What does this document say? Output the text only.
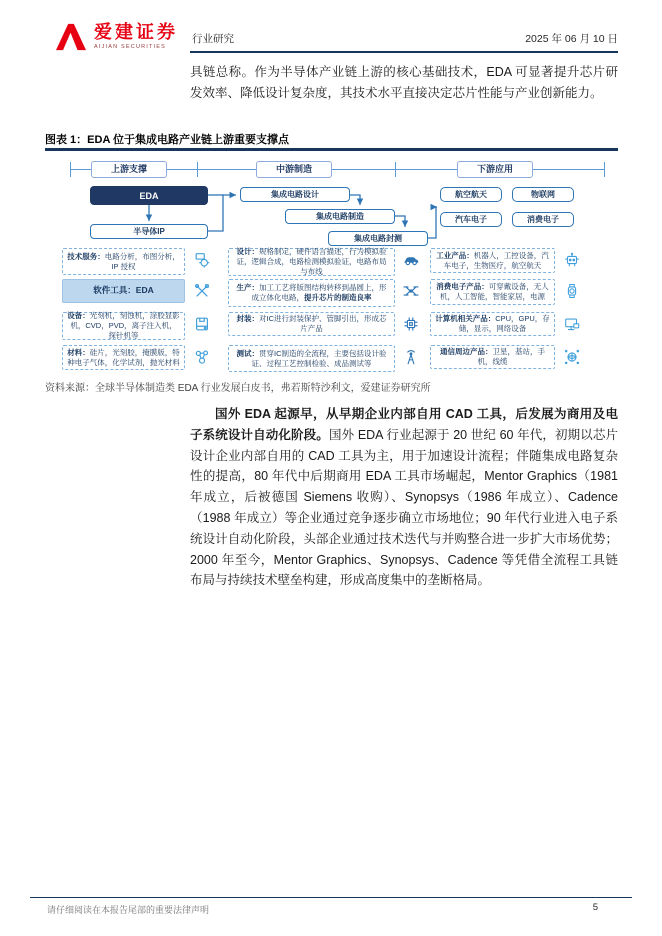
爱建证券
AIJIAN SECURITIES
行业研究	2025 年 06 月 10 日

具链总称。作为半导体产业链上游的核心基础技术，EDA 可显著提升芯片研发效率、降低设计复杂度，其技术水平直接决定芯片性能与产业创新能力。

图表 1：EDA 位于集成电路产业链上游重要支撑点
上游支撑	中游制造	下游应用
EDA
半导体IP
集成电路设计
集成电路制造
集成电路封测
航空航天	物联网
汽车电子	消费电子
技术服务：电路分析，布图分析，IP 授权
软件工具：EDA
设备：光刻机，刻蚀机，涂胶显影机，CVD，PVD，离子注入机，探针机等
材料：硅片，光刻胶，掩膜版，特种电子气体，化学试剂，抛光材料
设计：规格制定，硬件语言描述，行为模拟验证，逻辑合成，电路检测模拟验证，电路布局与布线
生产：加工工艺将版图结构转移到晶圆上，形成立体化电路，提升芯片的制造良率
封装：对IC进行封装保护、管脚引出，形成芯片产品
测试：贯穿IC制造的全流程，主要包括设计验证、过程工艺控制检验、成品测试等
工业产品：机器人，工控设备，汽车电子，生物医疗，航空航天
消费电子产品：可穿戴设备，无人机，人工智能，智能家居，电源
计算机相关产品：CPU，GPU，存储，显示，网络设备
通信周边产品：卫星，基站，手机，线缆
资料来源：全球半导体制造类 EDA 行业发展白皮书，弗若斯特沙利文，爱建证券研究所

国外 EDA 起源早，从早期企业内部自用 CAD 工具，后发展为商用及电子系统设计自动化阶段。国外 EDA 行业起源于 20 世纪 60 年代，初期以芯片设计企业内部自用的 CAD 工具为主，用于加速设计流程；伴随集成电路复杂性的提高，80 年代中后期商用 EDA 工具市场崛起，Mentor Graphics（1981 年成立，后被德国 Siemens 收购）、Synopsys（1986 年成立）、Cadence（1988 年成立）等企业通过竞争逐步确立市场地位；90 年代行业进入电子系统设计自动化阶段，头部企业通过技术迭代与并购整合进一步扩大市场优势；2000 年至今，Mentor Graphics、Synopsys、Cadence 等凭借全流程工具链布局与持续技术壁垒构建，形成高度集中的垄断格局。

请仔细阅读在本报告尾部的重要法律声明	5
